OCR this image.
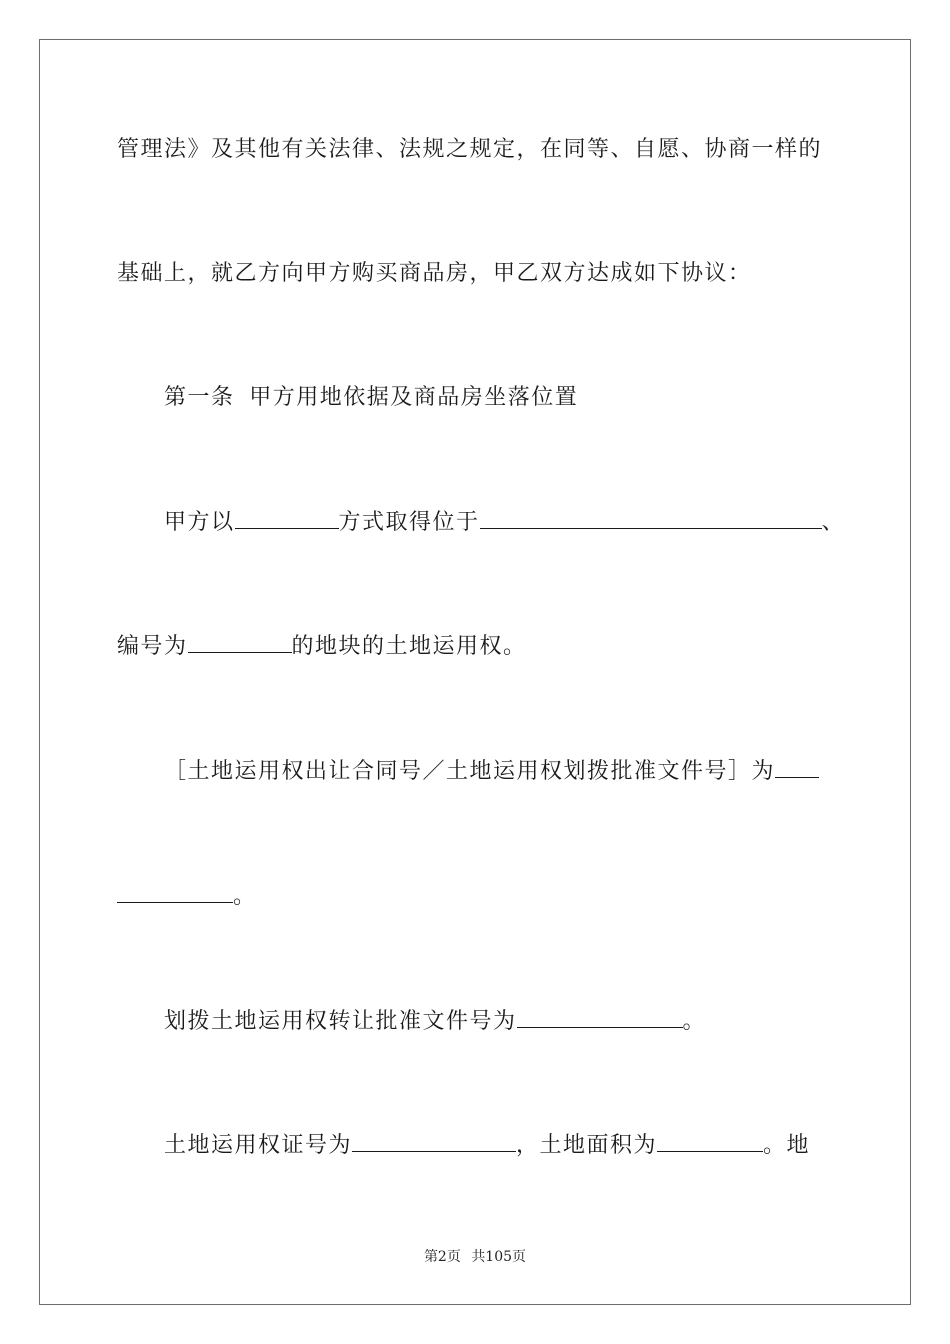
管理法》及其他有关法律、法规之规定，在同等、自愿、协商一样的

基础上，就乙方向甲方购买商品房，甲乙双方达成如下协议：

第一条 甲方用地依据及商品房坐落位置

甲方以	方式取得位于	、

编号为	的地块的土地运用权。

［土地运用权出让合同号／土地运用权划拨批准文件号］为

。

划拨土地运用权转让批准文件号为	。

土地运用权证号为	，土地面积为	。地

第2页 共105页
